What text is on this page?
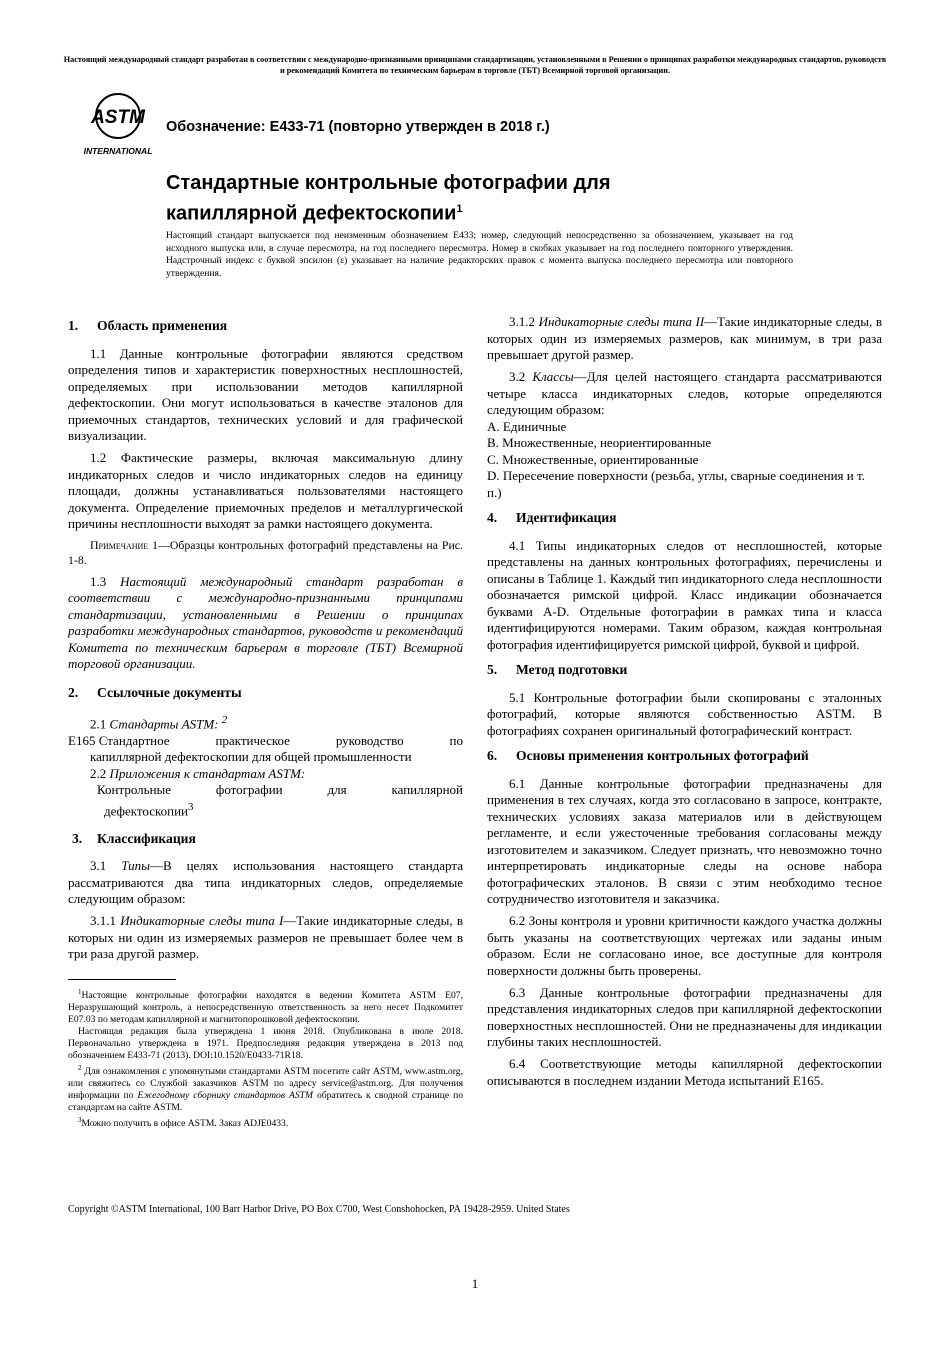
Настоящий международный стандарт разработан в соответствии с международно-признанными принципами стандартизации, установленными в Решении о принципах разработки международных стандартов, руководств и рекомендаций Комитета по техническим барьерам в торговле (ТБТ) Всемирной торговой организации.
ASTM
INTERNATIONAL
Обозначение: E433-71 (повторно утвержден в 2018 г.)
Стандартные контрольные фотографии для
капиллярной дефектоскопии$^1$
Настоящий стандарт выпускается под неизменным обозначением E433; номер, следующий непосредственно за обозначением, указывает на год исходного выпуска или, в случае пересмотра, на год последнего пересмотра. Номер в скобках указывает на год последнего повторного утверждения. Надстрочный индекс с буквой эпсилон (ε) указывает на наличие редакторских правок с момента выпуска последнего пересмотра или повторного утверждения.
1. Область применения

1.1 Данные контрольные фотографии являются средством определения типов и характеристик поверхностных несплошностей, определяемых при использовании методов капиллярной дефектоскопии. Они могут использоваться в качестве эталонов для приемочных стандартов, технических условий и для графической визуализации.

1.2 Фактические размеры, включая максимальную длину индикаторных следов и число индикаторных следов на единицу площади, должны устанавливаться пользователями настоящего документа. Определение приемочных пределов и металлургической причины несплошности выходят за рамки настоящего документа.

Примечание 1—Образцы контрольных фотографий представлены на Рис. 1-8.

1.3 Настоящий международный стандарт разработан в соответствии с международно-признанными принципами стандартизации, установленными в Решении о принципах разработки международных стандартов, руководств и рекомендаций Комитета по техническим барьерам в торговле (ТБТ) Всемирной торговой организации.

2. Ссылочные документы

2.1 Стандарты ASTM: $^2$

E165 Стандартное	практическое	руководство	по
капиллярной дефектоскопии для общей промышленности

2.2 Приложения к стандартам ASTM:

Контрольные	фотографии	для	капиллярной
дефектоскопии$^3$
3. Классификация

3.1 Типы—В целях использования настоящего стандарта рассматриваются два типа индикаторных следов, определяемые следующим образом:

3.1.1 Индикаторные следы типа I—Такие индикаторные следы, в которых ни один из измеряемых размеров не превышает более чем в три раза другой размер.

$^1$Настоящие контрольные фотографии находятся в ведении Комитета ASTM E07, Неразрушающий контроль, а непосредственную ответственность за него несет Подкомитет E07.03 по методам капиллярной и магнитопорошковой дефектоскопии.

Настоящая редакция была утверждена 1 июня 2018. Опубликована в июле 2018. Первоначально утверждена в 1971. Предпоследняя редакция утверждена в 2013 под обозначением E433-71 (2013). DOI:10.1520/E0433-71R18.

$^2$ Для ознакомления с упомянутыми стандартами ASTM посетите сайт ASTM, www.astm.org, или свяжитесь со Службой заказчиков ASTM по адресу service@astm.org. Для получения информации по Ежегодному сборнику стандартов ASTM обратитесь к сводной странице по стандартам на сайте ASTM.

$^3$Можно получить в офисе ASTM. Заказ ADJE0433.

3.1.2 Индикаторные следы типа II—Такие индикаторные следы, в которых один из измеряемых размеров, как минимум, в три раза превышает другой размер.

3.2 Классы—Для целей настоящего стандарта рассматриваются четыре класса индикаторных следов, которые определяются следующим образом:

A. Единичные
B. Множественные, неориентированные
C. Множественные, ориентированные
D. Пересечение поверхности (резьба, углы, сварные соединения и т. п.)
4. Идентификация

4.1 Типы индикаторных следов от несплошностей, которые представлены на данных контрольных фотографиях, перечислены и описаны в Таблице 1. Каждый тип индикаторного следа несплошности обозначается римской цифрой. Класс индикации обозначается буквами A-D. Отдельные фотографии в рамках типа и класса идентифицируются номерами. Таким образом, каждая контрольная фотография идентифицируется римской цифрой, буквой и цифрой.

5. Метод подготовки

5.1 Контрольные фотографии были скопированы с эталонных фотографий, которые являются собственностью ASTM. В фотографиях сохранен оригинальный фотографический контраст.

6. Основы применения контрольных фотографий

6.1 Данные контрольные фотографии предназначены для применения в тех случаях, когда это согласовано в запросе, контракте, технических условиях заказа материалов или в действующем регламенте, и если ужесточенные требования согласованы между изготовителем и заказчиком. Следует признать, что невозможно точно интерпретировать индикаторные следы на основе набора фотографических эталонов. В связи с этим необходимо тесное сотрудничество изготовителя и заказчика.

6.2 Зоны контроля и уровни критичности каждого участка должны быть указаны на соответствующих чертежах или заданы иным образом. Если не согласовано иное, все доступные для контроля поверхности должны быть проверены.

6.3 Данные контрольные фотографии предназначены для представления индикаторных следов при капиллярной дефектоскопии поверхностных несплошностей. Они не предназначены для индикации глубины таких несплошностей.

6.4 Соответствующие методы капиллярной дефектоскопии описываются в последнем издании Метода испытаний E165.

Copyright ©ASTM International, 100 Barr Harbor Drive, PO Box C700, West Conshohocken, PA 19428-2959. United States
1
